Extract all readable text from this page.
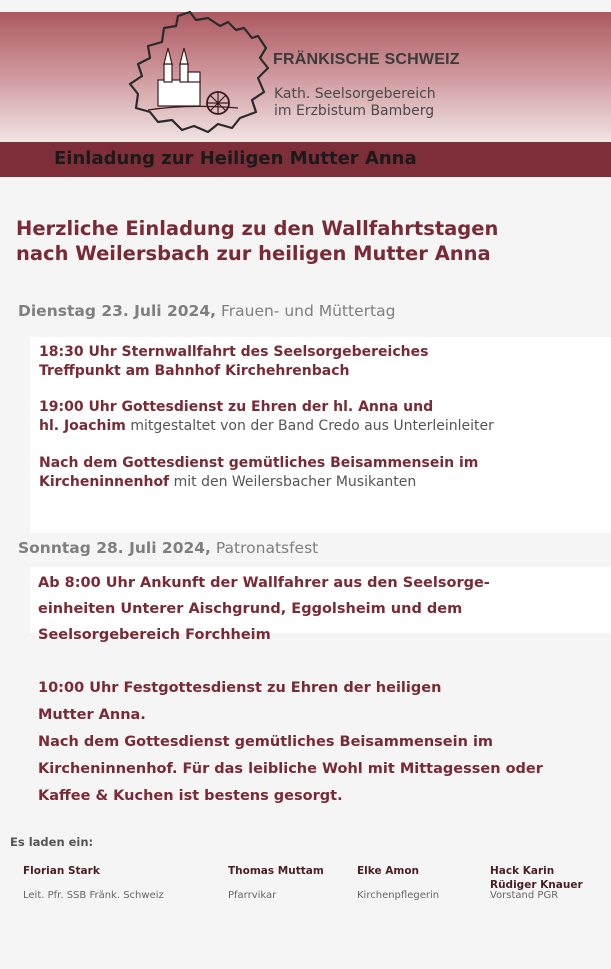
FRÄNKISCHE SCHWEIZ
Kath. Seelsorgebereich
im Erzbistum Bamberg
Einladung zur Heiligen Mutter Anna
Herzliche Einladung zu den Wallfahrtstagen
nach Weilersbach zur heiligen Mutter Anna
Dienstag 23. Juli 2024, Frauen- und Müttertag
18:30 Uhr Sternwallfahrt des Seelsorgebereiches
Treffpunkt am Bahnhof Kirchehrenbach
19:00 Uhr Gottesdienst zu Ehren der hl. Anna und
hl. Joachim mitgestaltet von der Band Credo aus Unterleinleiter
Nach dem Gottesdienst gemütliches Beisammensein im
Kircheninnenhof mit den Weilersbacher Musikanten
Sonntag 28. Juli 2024, Patronatsfest
Ab 8:00 Uhr Ankunft der Wallfahrer aus den Seelsorge-
einheiten Unterer Aischgrund, Eggolsheim und dem
Seelsorgebereich Forchheim
10:00 Uhr Festgottesdienst zu Ehren der heiligen
Mutter Anna.
Nach dem Gottesdienst gemütliches Beisammensein im
Kircheninnenhof. Für das leibliche Wohl mit Mittagessen oder
Kaffee & Kuchen ist bestens gesorgt.
Es laden ein:
Florian Stark
Leit. Pfr. SSB Fränk. Schweiz
Thomas Muttam
Pfarrvikar
Elke Amon
Kirchenpflegerin
Hack Karin
Rüdiger Knauer
Vorstand PGR
